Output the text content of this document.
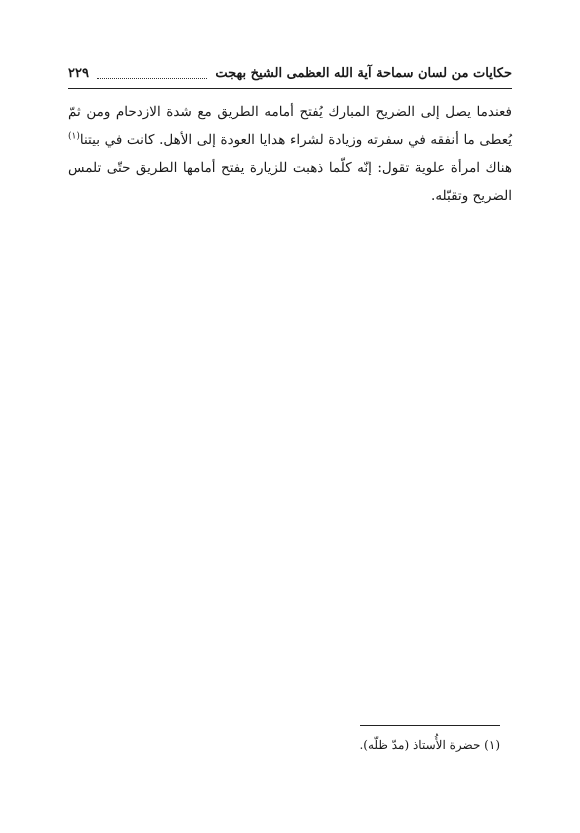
حكايات من لسان سماحة آية الله العظمى الشيخ بهجت
٢٢٩

فعندما يصل إلى الضريح المبارك يُفتح أمامه الطريق مع شدة الازدحام ومن ثمّ يُعطى ما أنفقه في سفرته وزيادة لشراء هدايا العودة إلى الأهل. كانت في بيتنا$^{(١)}$ هناك امرأة علوية تقول: إنّه كلّما ذهبت للزيارة يفتح أمامها الطريق حتّى تلمس الضريح وتقبّله.

(١) حضرة الأُستاذ (مدّ ظلّه).
